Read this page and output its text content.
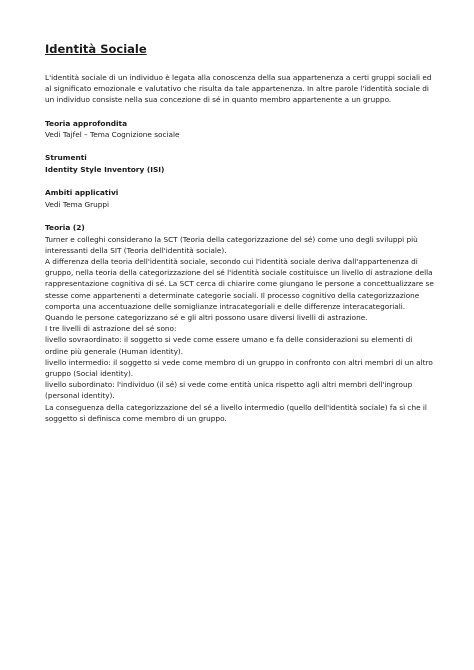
Identità Sociale
L'identità sociale di un individuo è legata alla conoscenza della sua appartenenza a certi gruppi sociali ed
al significato emozionale e valutativo che risulta da tale appartenenza. In altre parole l'identità sociale di
un individuo consiste nella sua concezione di sé in quanto membro appartenente a un gruppo.
Teoria approfondita
Vedi Tajfel – Tema Cognizione sociale
Strumenti
Identity Style Inventory (ISI)
Ambiti applicativi
Vedi Tema Gruppi
Teoria (2)
Turner e colleghi considerano la SCT (Teoria della categorizzazione del sé) come uno degli sviluppi più
interessanti della SIT (Teoria dell'identità sociale).
A differenza della teoria dell'identità sociale, secondo cui l'identità sociale deriva dall'appartenenza di
gruppo, nella teoria della categorizzazione del sé l'identità sociale costituisce un livello di astrazione della
rappresentazione cognitiva di sé. La SCT cerca di chiarire come giungano le persone a concettualizzare se
stesse come appartenenti a determinate categorie sociali. Il processo cognitivo della categorizzazione
comporta una accentuazione delle somiglianze intracategoriali e delle differenze interacategoriali.
Quando le persone categorizzano sé e gli altri possono usare diversi livelli di astrazione.
I tre livelli di astrazione del sé sono:
livello sovraordinato: il soggetto si vede come essere umano e fa delle considerazioni su elementi di
ordine più generale (Human identity).
livello intermedio: il soggetto si vede come membro di un gruppo in confronto con altri membri di un altro
gruppo (Social identity).
livello subordinato: l'individuo (il sé) si vede come entità unica rispetto agli altri membri dell'ingroup
(personal identity).
La conseguenza della categorizzazione del sé a livello intermedio (quello dell'identità sociale) fa sì che il
soggetto si definisca come membro di un gruppo.
